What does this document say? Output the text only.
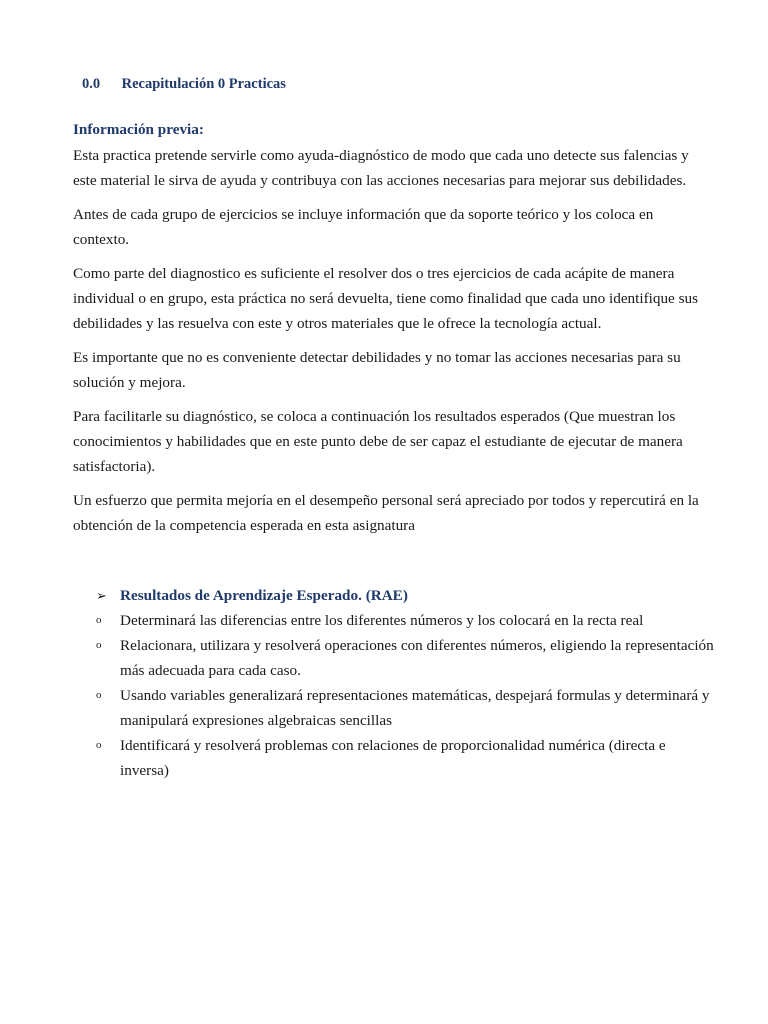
0.0 Recapitulación 0 Practicas
Información previa:

Esta practica pretende servirle como ayuda-diagnóstico de modo que cada uno detecte sus falencias y este material le sirva de ayuda y contribuya con las acciones necesarias para mejorar sus debilidades.

Antes de cada grupo de ejercicios se incluye información que da soporte teórico y los coloca en contexto.

Como parte del diagnostico es suficiente el resolver dos o tres ejercicios de cada acápite de manera individual o en grupo, esta práctica no será devuelta, tiene como finalidad que cada uno identifique sus debilidades y las resuelva con este y otros materiales que le ofrece la tecnología actual.

Es importante que no es conveniente detectar debilidades y no tomar las acciones necesarias para su solución y mejora.

Para facilitarle su diagnóstico, se coloca a continuación los resultados esperados (Que muestran los conocimientos y habilidades que en este punto debe de ser capaz el estudiante de ejecutar de manera satisfactoria).

Un esfuerzo que permita mejoría en el desempeño personal será apreciado por todos y repercutirá en la obtención de la competencia esperada en esta asignatura

➢ Resultados de Aprendizaje Esperado. (RAE)
o	Determinará las diferencias entre los diferentes números y los colocará en la recta real
o	Relacionara, utilizara y resolverá operaciones con diferentes números, eligiendo la representación más adecuada para cada caso.
o	Usando variables generalizará representaciones matemáticas, despejará formulas y determinará y manipulará expresiones algebraicas sencillas
o	Identificará y resolverá problemas con relaciones de proporcionalidad numérica (directa e inversa)
